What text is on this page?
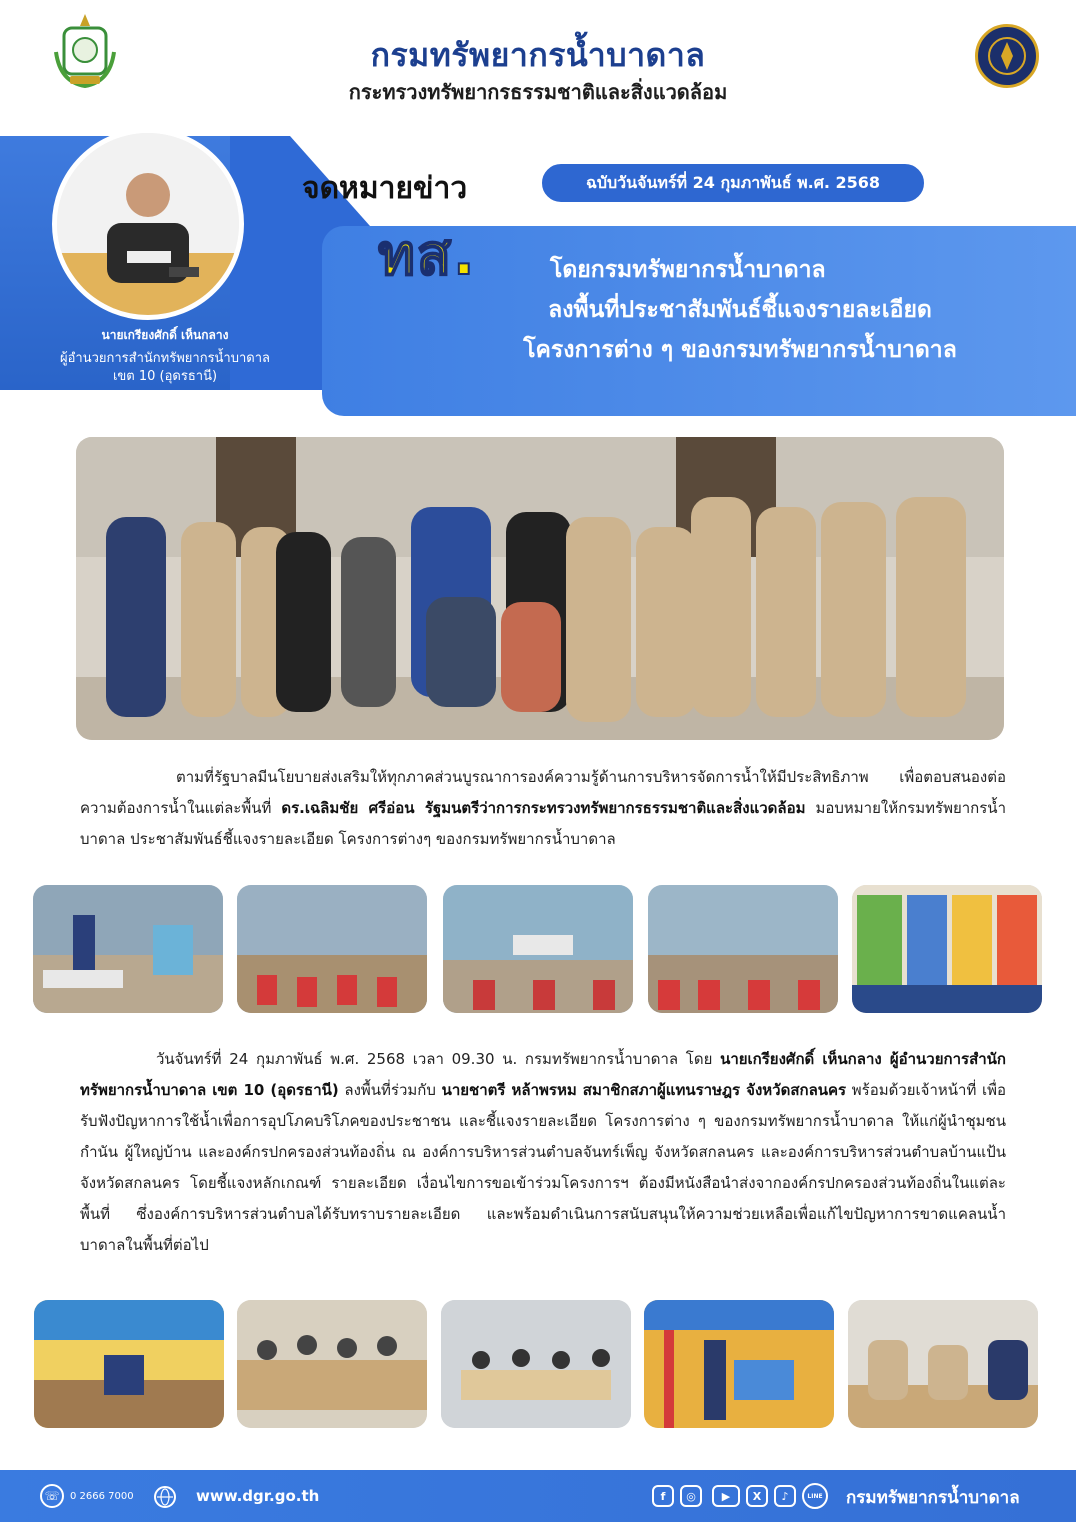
กรมทรัพยากรน้ำบาดาล
กระทรวงทรัพยากรธรรมชาติและสิ่งแวดล้อม
นายเกรียงศักดิ์ เห็นกลาง
ผู้อำนวยการสำนักทรัพยากรน้ำบาดาล
เขต 10 (อุดรธานี)
จดหมายข่าว	ฉบับวันจันทร์ที่ 24 กุมภาพันธ์ พ.ศ. 2568
ทส.	โดยกรมทรัพยากรน้ำบาดาล
ลงพื้นที่ประชาสัมพันธ์ชี้แจงรายละเอียด
โครงการต่าง ๆ ของกรมทรัพยากรน้ำบาดาล
ตามที่รัฐบาลมีนโยบายส่งเสริมให้ทุกภาคส่วนบูรณาการองค์ความรู้ด้านการบริหารจัดการน้ำให้มีประสิทธิภาพ เพื่อตอบสนองต่อความต้องการน้ำในแต่ละพื้นที่ ดร.เฉลิมชัย ศรีอ่อน รัฐมนตรีว่าการกระทรวงทรัพยากรธรรมชาติและสิ่งแวดล้อม มอบหมายให้กรมทรัพยากรน้ำบาดาล ประชาสัมพันธ์ชี้แจงรายละเอียด โครงการต่างๆ ของกรมทรัพยากรน้ำบาดาล
วันจันทร์ที่ 24 กุมภาพันธ์ พ.ศ. 2568 เวลา 09.30 น. กรมทรัพยากรน้ำบาดาล โดย นายเกรียงศักดิ์ เห็นกลาง ผู้อำนวยการสำนักทรัพยากรน้ำบาดาล เขต 10 (อุดรธานี) ลงพื้นที่ร่วมกับ นายชาตรี หล้าพรหม สมาชิกสภาผู้แทนราษฎร จังหวัดสกลนคร พร้อมด้วยเจ้าหน้าที่ เพื่อรับฟังปัญหาการใช้น้ำเพื่อการอุปโภคบริโภคของประชาชน และชี้แจงรายละเอียด โครงการต่าง ๆ ของกรมทรัพยากรน้ำบาดาล ให้แก่ผู้นำชุมชน กำนัน ผู้ใหญ่บ้าน และองค์กรปกครองส่วนท้องถิ่น ณ องค์การบริหารส่วนตำบลจันทร์เพ็ญ จังหวัดสกลนคร และองค์การบริหารส่วนตำบลบ้านแป้น จังหวัดสกลนคร โดยชี้แจงหลักเกณฑ์ รายละเอียด เงื่อนไขการขอเข้าร่วมโครงการฯ ต้องมีหนังสือนำส่งจากองค์กรปกครองส่วนท้องถิ่นในแต่ละพื้นที่ ซึ่งองค์การบริหารส่วนตำบลได้รับทราบรายละเอียด และพร้อมดำเนินการสนับสนุนให้ความช่วยเหลือเพื่อแก้ไขปัญหาการขาดแคลนน้ำบาดาลในพื้นที่ต่อไป
☏	0 2666 7000	www.dgr.go.th	f	◎	▶	X	♪	LINE	กรมทรัพยากรน้ำบาดาล
